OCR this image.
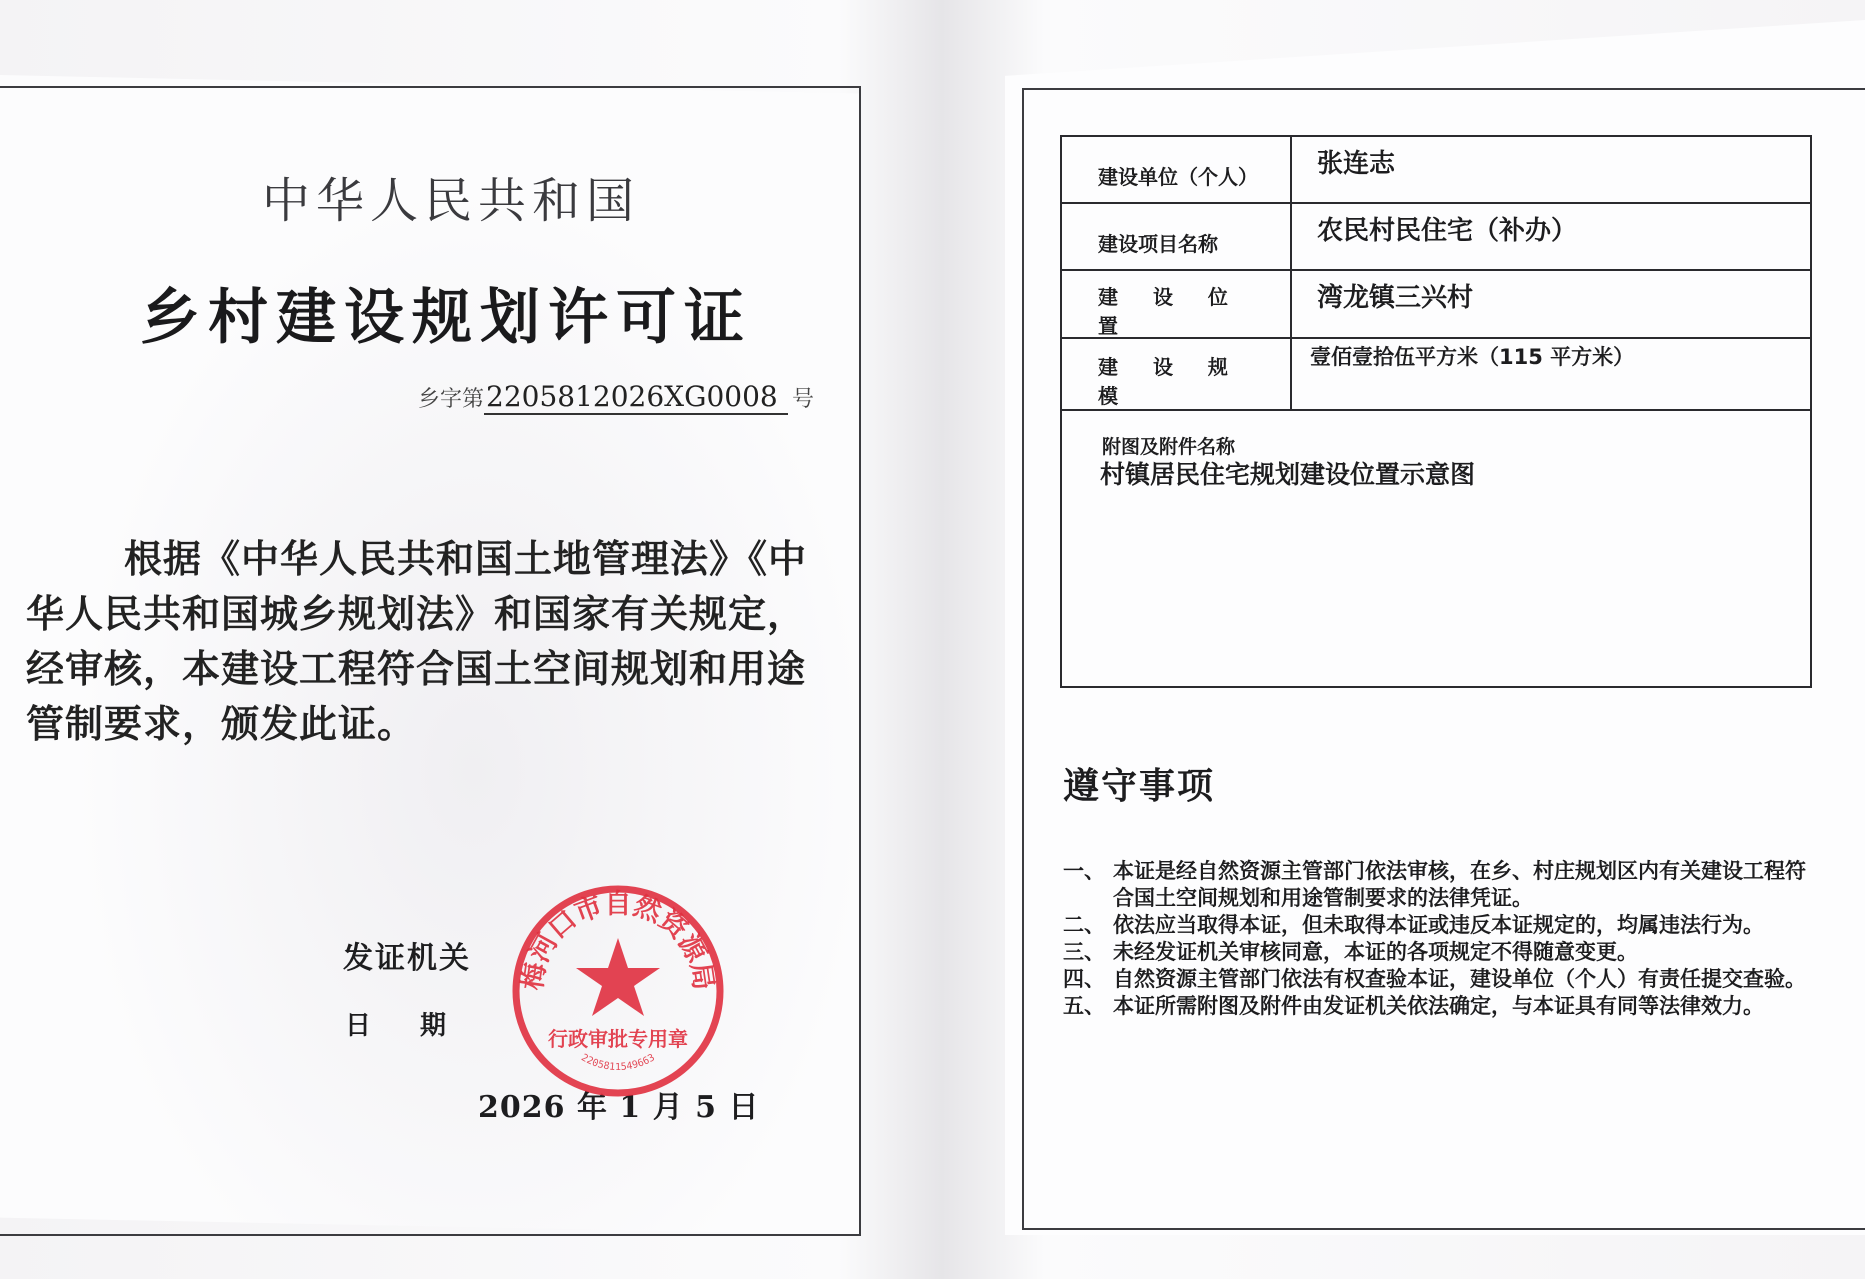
中华人民共和国
乡村建设规划许可证
乡字第2205812026XG0008 号
根据《中华人民共和国土地管理法》《中华人民共和国城乡规划法》和国家有关规定，经审核，本建设工程符合国土空间规划和用途管制要求，颁发此证。
发证机关
日 期
2026 年 1 月 5 日
梅河口市自然资源局
行政审批专用章
2205811549663
建设单位（个人）	张连志
建设项目名称	农民村民住宅（补办）
建 设 位 置
湾龙镇三兴村
建 设 规 模
壹佰壹拾伍平方米（115 平方米）
附图及附件名称
村镇居民住宅规划建设位置示意图
遵守事项
一、 本证是经自然资源主管部门依法审核，在乡、村庄规划区内有关建设工程符合国土空间规划和用途管制要求的法律凭证。
二、 依法应当取得本证，但未取得本证或违反本证规定的，均属违法行为。
三、 未经发证机关审核同意，本证的各项规定不得随意变更。
四、 自然资源主管部门依法有权查验本证，建设单位（个人）有责任提交查验。
五、 本证所需附图及附件由发证机关依法确定，与本证具有同等法律效力。
